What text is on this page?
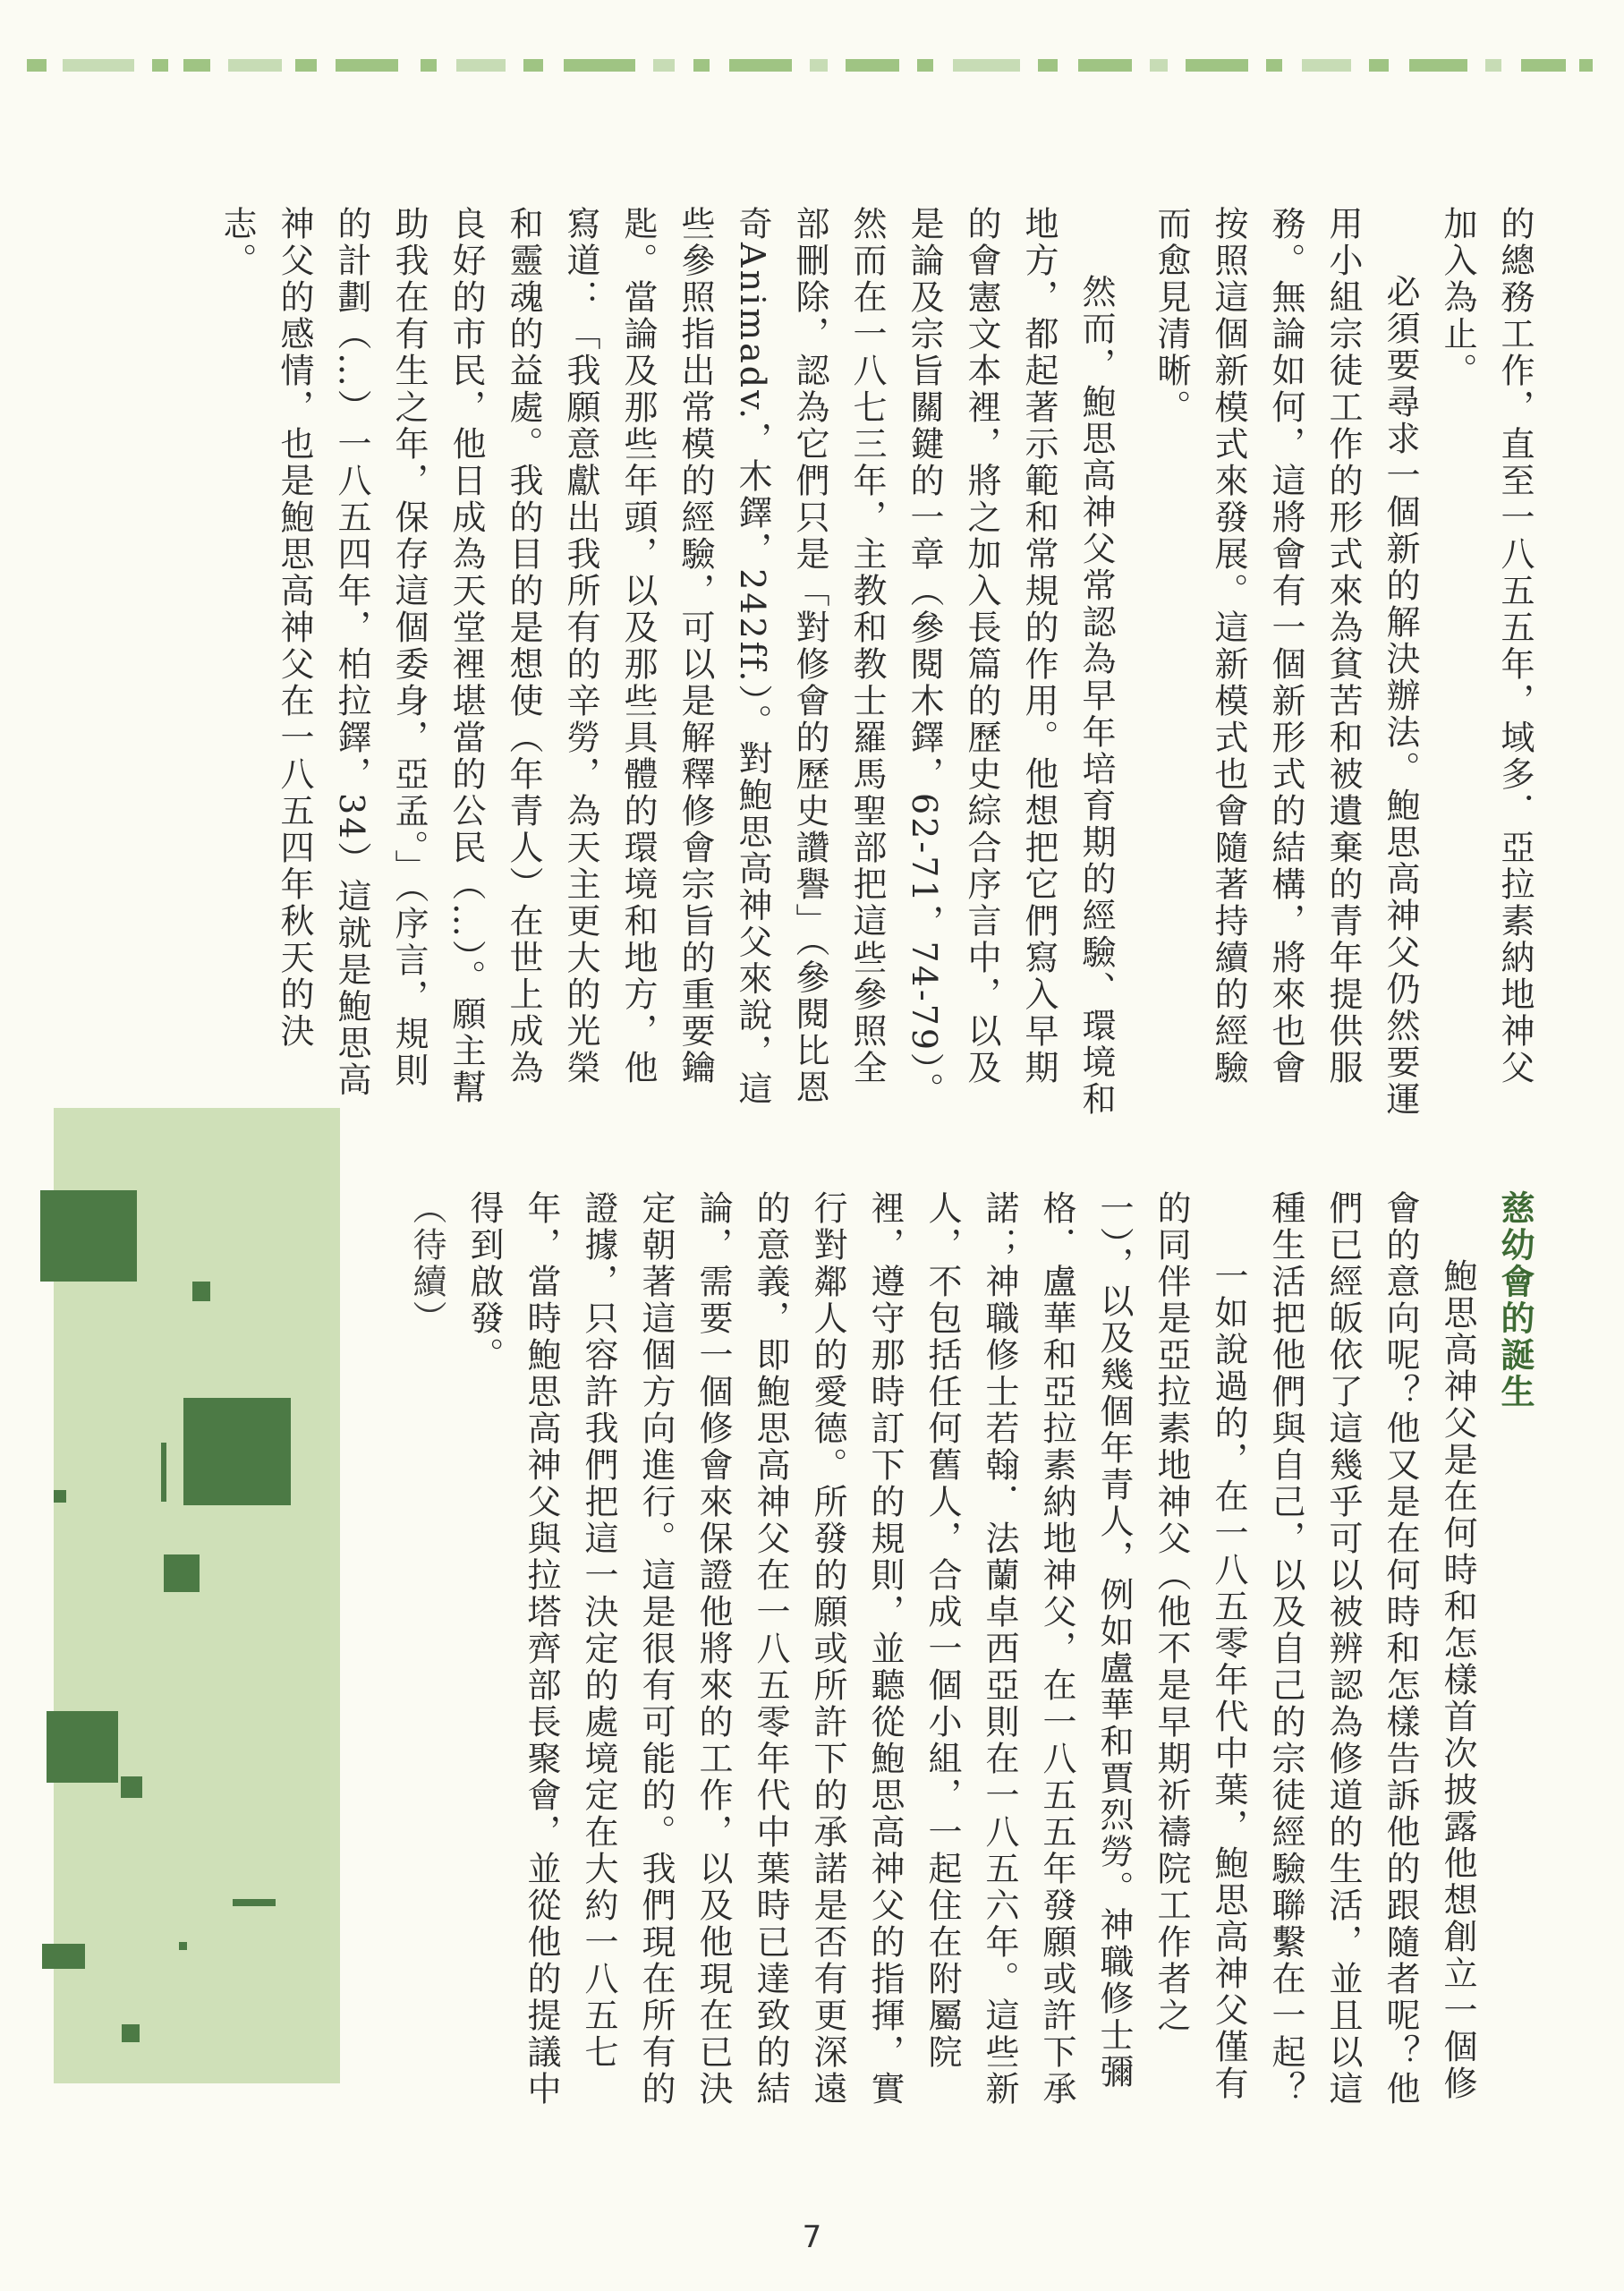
的總務工作，直至一八五五年，域多．亞拉素納地神父加入為止。

必須要尋求一個新的解決辦法。鮑思高神父仍然要運用小組宗徒工作的形式來為貧苦和被遺棄的青年提供服務。無論如何，這將會有一個新形式的結構，將來也會按照這個新模式來發展。這新模式也會隨著持續的經驗而愈見清晰。

然而，鮑思高神父常認為早年培育期的經驗、環境和地方，都起著示範和常規的作用。他想把它們寫入早期的會憲文本裡，將之加入長篇的歷史綜合序言中，以及是論及宗旨關鍵的一章（參閱木鐸，62-71，74-79）。然而在一八七三年，主教和教士羅馬聖部把這些參照全部刪除，認為它們只是「對修會的歷史讚譽」（參閱比恩奇Animadv.，木鐸，242ff.）。對鮑思高神父來說，這些參照指出常模的經驗，可以是解釋修會宗旨的重要鑰匙。當論及那些年頭，以及那些具體的環境和地方，他寫道：「我願意獻出我所有的辛勞，為天主更大的光榮和靈魂的益處。我的目的是想使（年青人）在世上成為良好的市民，他日成為天堂裡堪當的公民（…）。願主幫助我在有生之年，保存這個委身，亞孟。」（序言，規則的計劃（…）一八五四年，柏拉鐸，34）這就是鮑思高神父的感情，也是鮑思高神父在一八五四年秋天的決志。

慈幼會的誕生

鮑思高神父是在何時和怎樣首次披露他想創立一個修會的意向呢？他又是在何時和怎樣告訴他的跟隨者呢？他們已經皈依了這幾乎可以被辨認為修道的生活，並且以這種生活把他們與自己，以及自己的宗徒經驗聯繫在一起？

一如說過的，在一八五零年代中葉，鮑思高神父僅有的同伴是亞拉素地神父（他不是早期祈禱院工作者之一），以及幾個年青人，例如盧華和賈烈勞。神職修士彌格．盧華和亞拉素納地神父，在一八五五年發願或許下承諾；神職修士若翰．法蘭卓西亞則在一八五六年。這些新人，不包括任何舊人，合成一個小組，一起住在附屬院裡，遵守那時訂下的規則，並聽從鮑思高神父的指揮，實行對鄰人的愛德。所發的願或所許下的承諾是否有更深遠的意義，即鮑思高神父在一八五零年代中葉時已達致的結論，需要一個修會來保證他將來的工作，以及他現在已決定朝著這個方向進行。這是很有可能的。我們現在所有的證據，只容許我們把這一決定的處境定在大約一八五七年，當時鮑思高神父與拉塔齊部長聚會，並從他的提議中得到啟發。

（待續）

7
